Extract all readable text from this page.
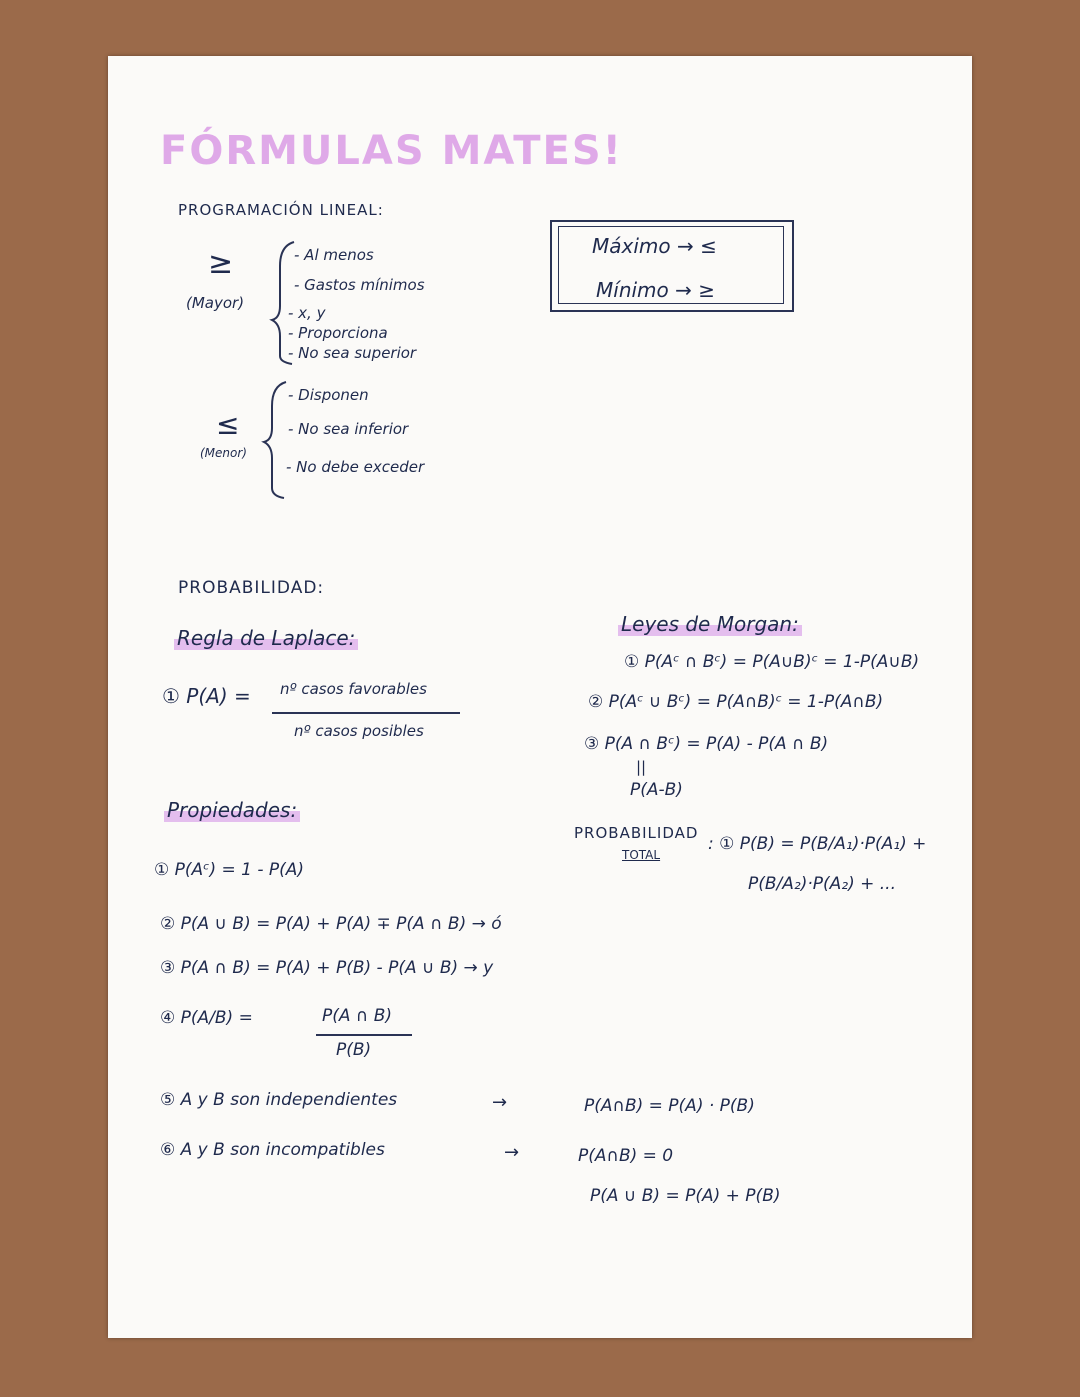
FÓRMULAS MATES!
PROGRAMACIÓN LINEAL:
≥
(Mayor)
- Al menos
- Gastos mínimos
- x, y
- Proporciona
- No sea superior
≤
(Menor)
- Disponen
- No sea inferior
- No debe exceder
Máximo → ≤
Mínimo → ≥
PROBABILIDAD:
Regla de Laplace:
① P(A) = nº casos favorables
nº casos posibles
Leyes de Morgan:
① P(Aᶜ ∩ Bᶜ) = P(A∪B)ᶜ = 1-P(A∪B)
② P(Aᶜ ∪ Bᶜ) = P(A∩B)ᶜ = 1-P(A∩B)
③ P(A ∩ Bᶜ) = P(A) - P(A ∩ B)
||
P(A-B)
Propiedades:
PROBABILIDAD
TOTAL
: ① P(B) = P(B/A₁)·P(A₁) +
P(B/A₂)·P(A₂) + ...
① P(Aᶜ) = 1 - P(A)
② P(A ∪ B) = P(A) + P(A) ∓ P(A ∩ B) → ó
③ P(A ∩ B) = P(A) + P(B) - P(A ∪ B) → y
④ P(A/B) =	P(A ∩ B)
P(B)
⑤ A y B son independientes	→	P(A∩B) = P(A) · P(B)
⑥ A y B son incompatibles	→	P(A∩B) = 0
P(A ∪ B) = P(A) + P(B)
